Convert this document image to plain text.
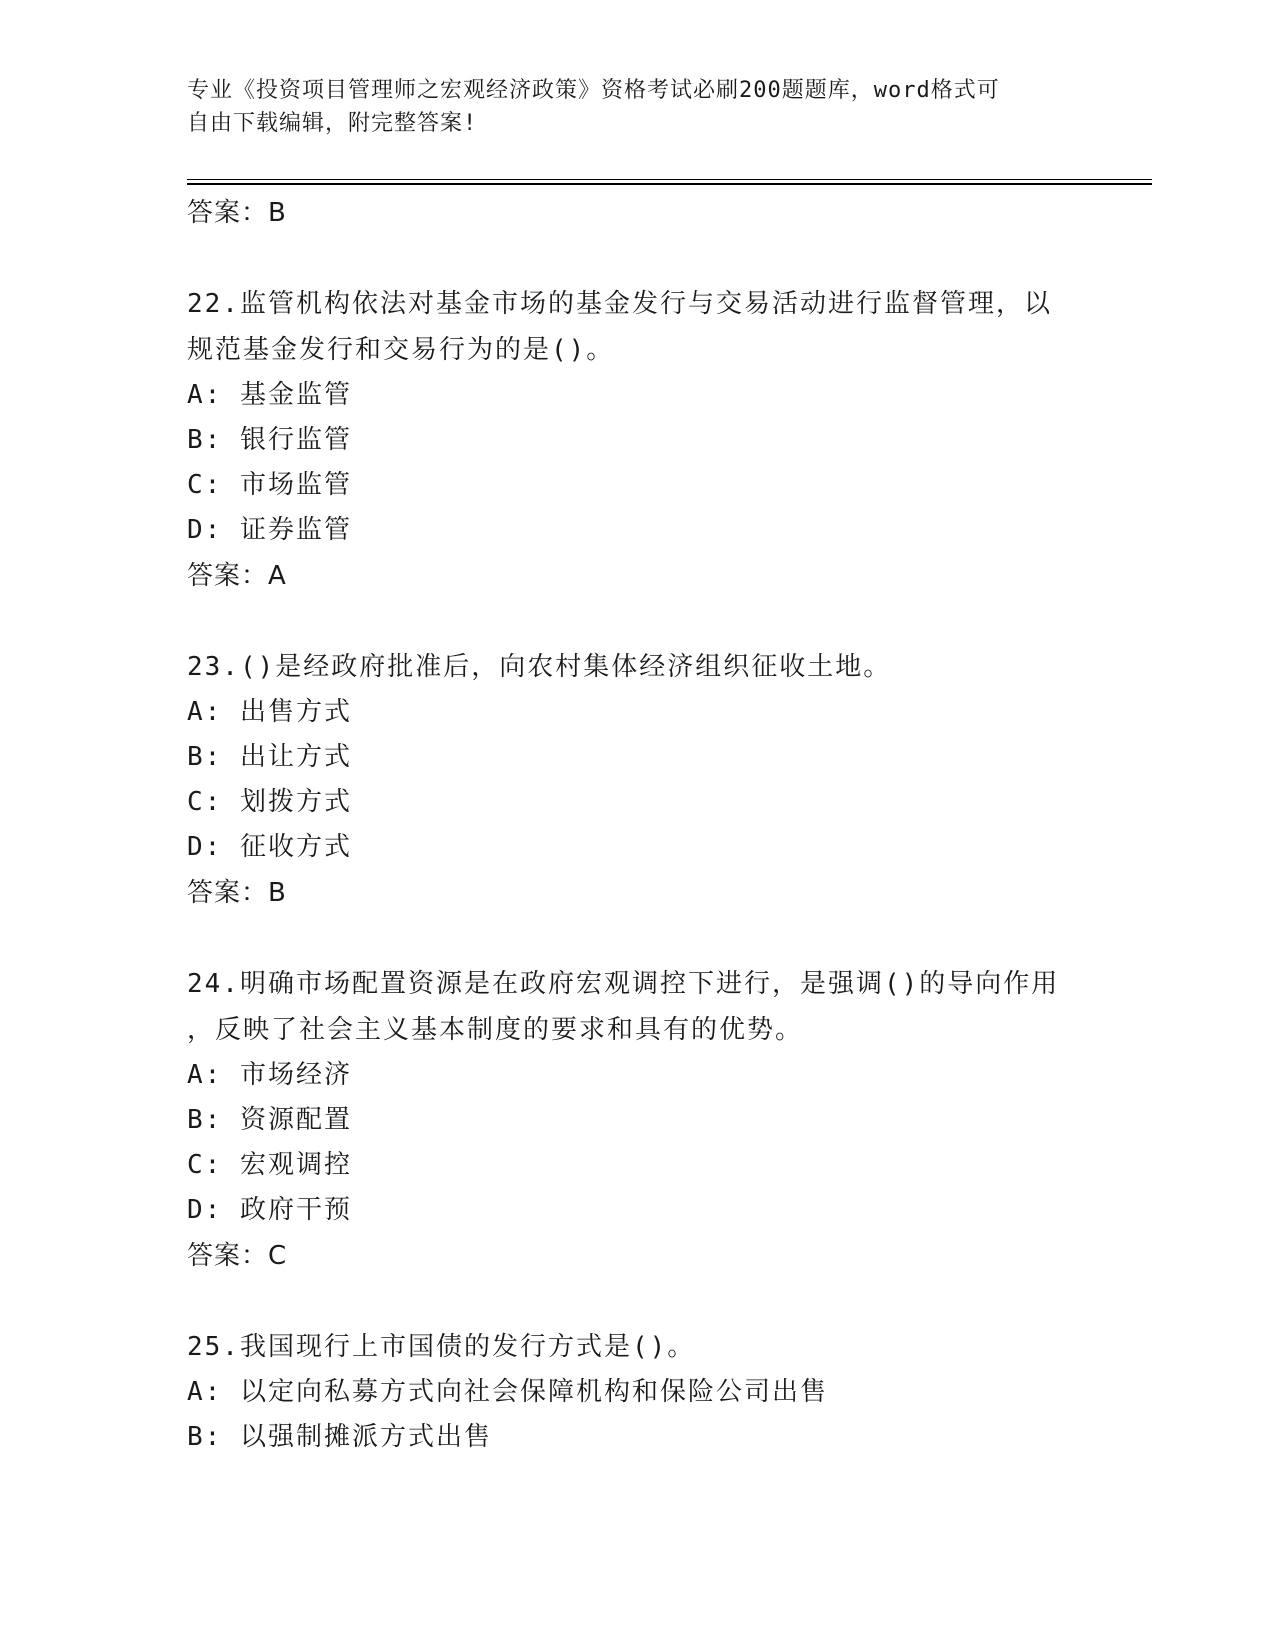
专业《投资项目管理师之宏观经济政策》资格考试必刷200题题库，word格式可
自由下载编辑，附完整答案!
答案：B
22.监管机构依法对基金市场的基金发行与交易活动进行监督管理，以
规范基金发行和交易行为的是()。
A: 基金监管
B: 银行监管
C: 市场监管
D: 证券监管
答案：A
23.()是经政府批准后，向农村集体经济组织征收土地。
A: 出售方式
B: 出让方式
C: 划拨方式
D: 征收方式
答案：B
24.明确市场配置资源是在政府宏观调控下进行，是强调()的导向作用
，反映了社会主义基本制度的要求和具有的优势。
A: 市场经济
B: 资源配置
C: 宏观调控
D: 政府干预
答案：C
25.我国现行上市国债的发行方式是()。
A: 以定向私募方式向社会保障机构和保险公司出售
B: 以强制摊派方式出售
